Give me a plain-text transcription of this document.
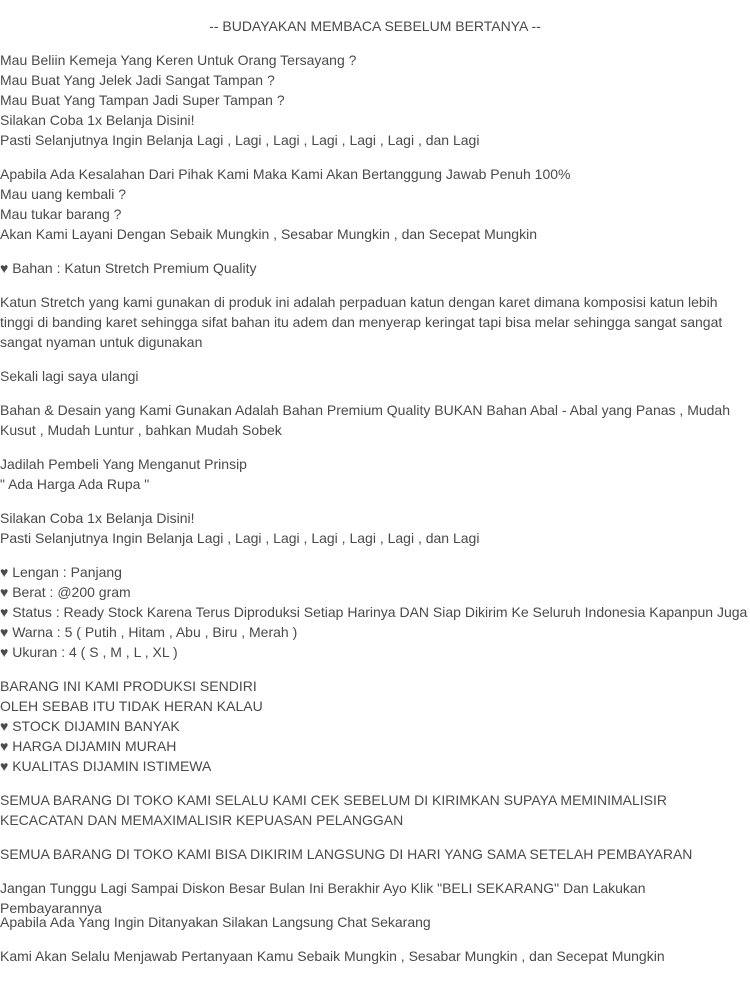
-- BUDAYAKAN MEMBACA SEBELUM BERTANYA --
Mau Beliin Kemeja Yang Keren Untuk Orang Tersayang ?
Mau Buat Yang Jelek Jadi Sangat Tampan ?
Mau Buat Yang Tampan Jadi Super Tampan ?
Silakan Coba 1x Belanja Disini!
Pasti Selanjutnya Ingin Belanja Lagi , Lagi , Lagi , Lagi , Lagi , Lagi , dan Lagi
Apabila Ada Kesalahan Dari Pihak Kami Maka Kami Akan Bertanggung Jawab Penuh 100%
Mau uang kembali ?
Mau tukar barang ?
Akan Kami Layani Dengan Sebaik Mungkin , Sesabar Mungkin , dan Secepat Mungkin
♥ Bahan : Katun Stretch Premium Quality
Katun Stretch yang kami gunakan di produk ini adalah perpaduan katun dengan karet dimana komposisi katun lebih tinggi di banding karet sehingga sifat bahan itu adem dan menyerap keringat tapi bisa melar sehingga sangat sangat sangat nyaman untuk digunakan
Sekali lagi saya ulangi
Bahan & Desain yang Kami Gunakan Adalah Bahan Premium Quality BUKAN Bahan Abal - Abal yang Panas , Mudah Kusut , Mudah Luntur , bahkan Mudah Sobek
Jadilah Pembeli Yang Menganut Prinsip
" Ada Harga Ada Rupa "
Silakan Coba 1x Belanja Disini!
Pasti Selanjutnya Ingin Belanja Lagi , Lagi , Lagi , Lagi , Lagi , Lagi , dan Lagi
♥ Lengan : Panjang
♥ Berat : @200 gram
♥ Status : Ready Stock Karena Terus Diproduksi Setiap Harinya DAN Siap Dikirim Ke Seluruh Indonesia Kapanpun Juga
♥ Warna : 5 ( Putih , Hitam , Abu , Biru , Merah )
♥ Ukuran : 4 ( S , M , L , XL )
BARANG INI KAMI PRODUKSI SENDIRI
OLEH SEBAB ITU TIDAK HERAN KALAU
♥ STOCK DIJAMIN BANYAK
♥ HARGA DIJAMIN MURAH
♥ KUALITAS DIJAMIN ISTIMEWA
SEMUA BARANG DI TOKO KAMI SELALU KAMI CEK SEBELUM DI KIRIMKAN SUPAYA MEMINIMALISIR KECACATAN DAN MEMAXIMALISIR KEPUASAN PELANGGAN
SEMUA BARANG DI TOKO KAMI BISA DIKIRIM LANGSUNG DI HARI YANG SAMA SETELAH PEMBAYARAN
Jangan Tunggu Lagi Sampai Diskon Besar Bulan Ini Berakhir Ayo Klik "BELI SEKARANG" Dan Lakukan Pembayarannya
Apabila Ada Yang Ingin Ditanyakan Silakan Langsung Chat Sekarang
Kami Akan Selalu Menjawab Pertanyaan Kamu Sebaik Mungkin , Sesabar Mungkin , dan Secepat Mungkin
